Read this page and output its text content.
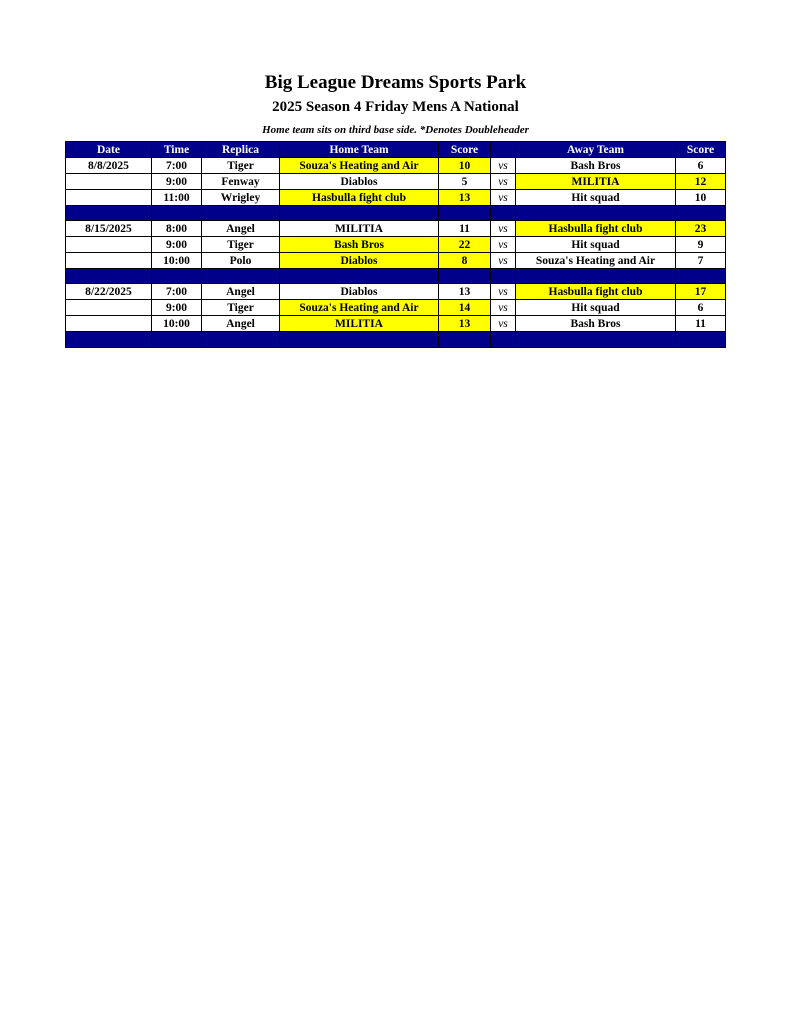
Big League Dreams Sports Park
2025 Season 4 Friday Mens A National
Home team sits on third base side. *Denotes Doubleheader
Date	Time	Replica	Home Team	Score		Away Team	Score
8/8/2025	7:00	Tiger	Souza's Heating and Air	10	vs	Bash Bros	6
	9:00	Fenway	Diablos	5	vs	MILITIA	12
	11:00	Wrigley	Hasbulla fight club	13	vs	Hit squad	10

8/15/2025	8:00	Angel	MILITIA	11	vs	Hasbulla fight club	23
	9:00	Tiger	Bash Bros	22	vs	Hit squad	9
	10:00	Polo	Diablos	8	vs	Souza's Heating and Air	7

8/22/2025	7:00	Angel	Diablos	13	vs	Hasbulla fight club	17
	9:00	Tiger	Souza's Heating and Air	14	vs	Hit squad	6
	10:00	Angel	MILITIA	13	vs	Bash Bros	11
